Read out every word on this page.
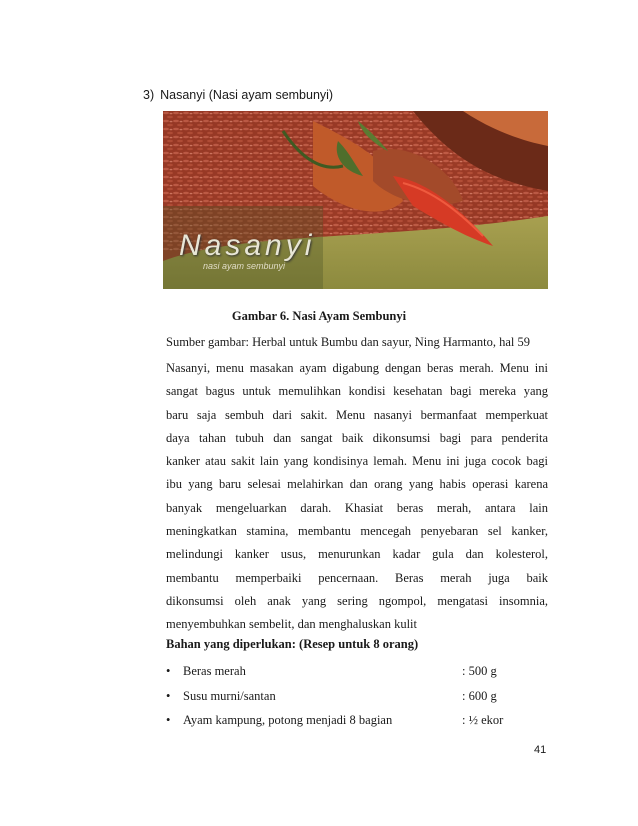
3) Nasanyi (Nasi ayam sembunyi)
Nasanyi
nasi ayam sembunyi
Gambar 6. Nasi Ayam Sembunyi
Sumber gambar: Herbal untuk Bumbu dan sayur, Ning Harmanto, hal 59
Nasanyi, menu masakan ayam digabung dengan beras merah. Menu ini
sangat bagus untuk memulihkan kondisi kesehatan bagi mereka yang
baru saja sembuh dari sakit. Menu nasanyi bermanfaat memperkuat
daya tahan tubuh dan sangat baik dikonsumsi bagi para penderita
kanker atau sakit lain yang kondisinya lemah. Menu ini juga cocok bagi
ibu yang baru selesai melahirkan dan orang yang habis operasi karena
banyak mengeluarkan darah. Khasiat beras merah, antara lain
meningkatkan stamina, membantu mencegah penyebaran sel kanker,
melindungi kanker usus, menurunkan kadar gula dan kolesterol,
membantu memperbaiki pencernaan. Beras merah juga baik
dikonsumsi oleh anak yang sering ngompol, mengatasi insomnia,
menyembuhkan sembelit, dan menghaluskan kulit
Bahan yang diperlukan: (Resep untuk 8 orang)
• Beras merah	: 500 g
• Susu murni/santan	: 600 g
• Ayam kampung, potong menjadi 8 bagian	: ½ ekor
41
